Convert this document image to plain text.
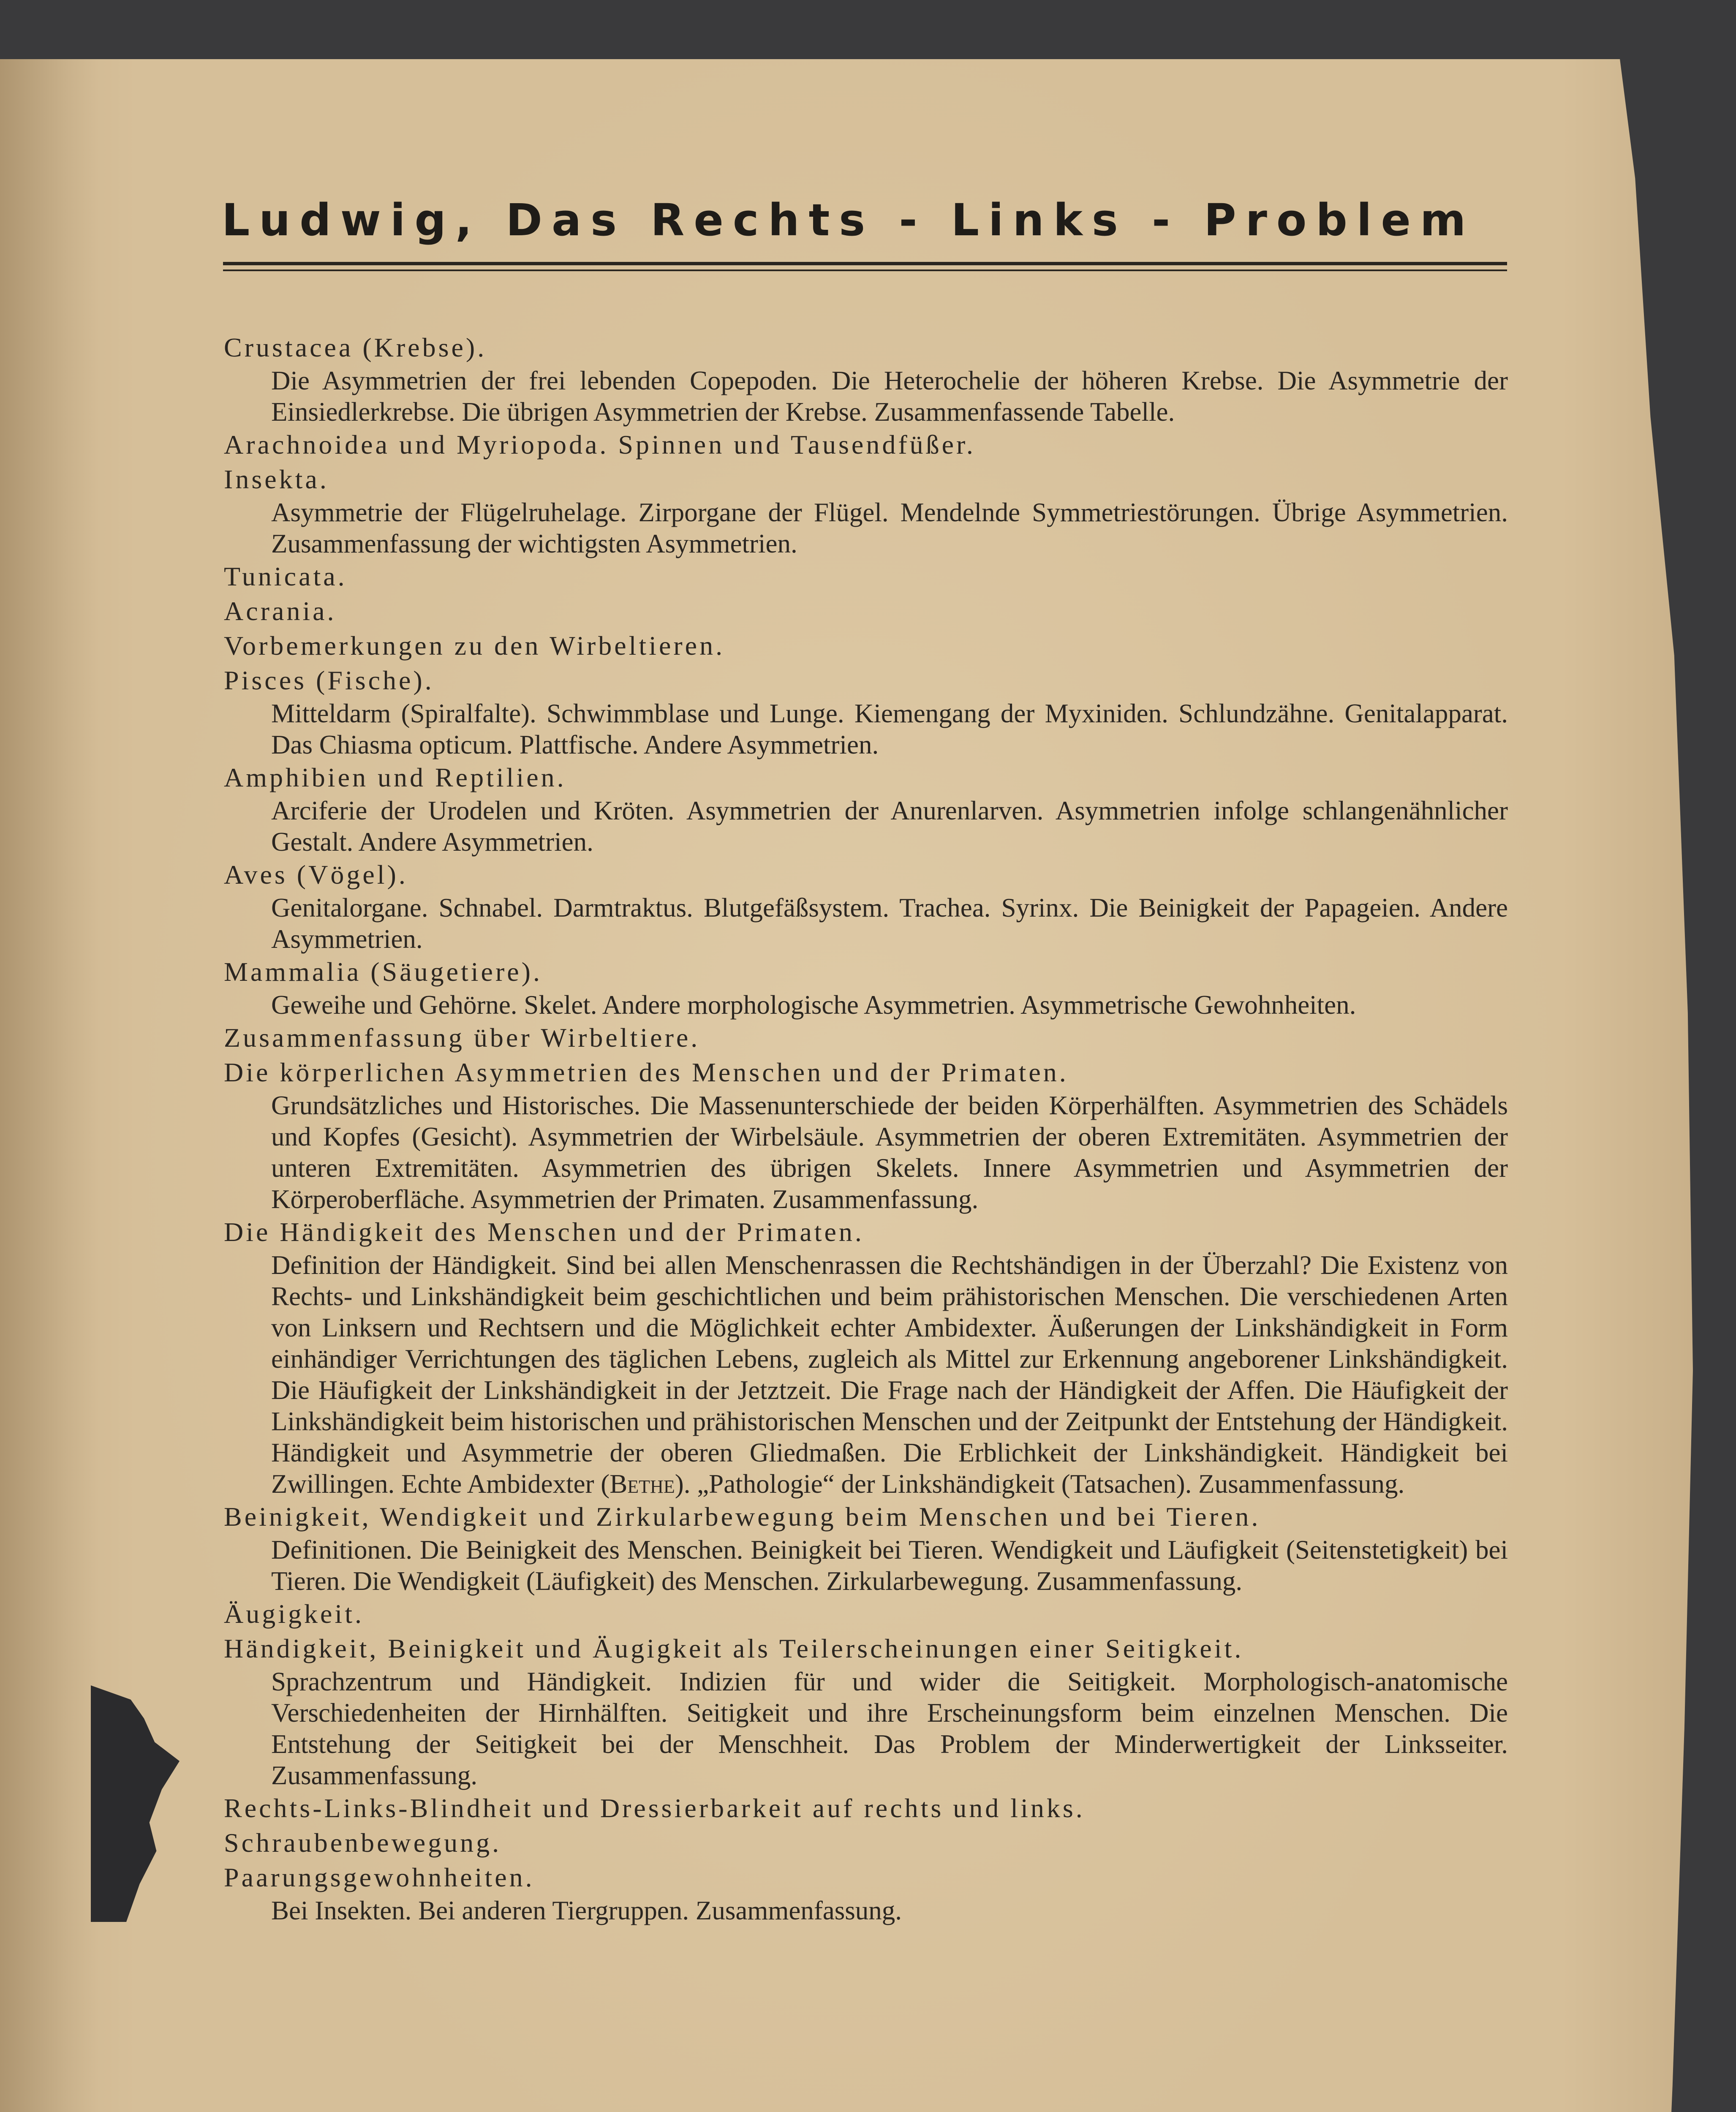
Ludwig, Das Rechts - Links - Problem
Crustacea (Krebse).
Die Asymmetrien der frei lebenden Copepoden. Die Heterochelie der höheren Krebse. Die Asymmetrie der Einsiedlerkrebse. Die übrigen Asymmetrien der Krebse. Zusammenfassende Tabelle.
Arachnoidea und Myriopoda. Spinnen und Tausendfüßer.
Insekta.
Asymmetrie der Flügelruhelage. Zirporgane der Flügel. Mendelnde Symmetriestörungen. Übrige Asymmetrien. Zusammenfassung der wichtigsten Asymmetrien.
Tunicata.
Acrania.
Vorbemerkungen zu den Wirbeltieren.
Pisces (Fische).
Mitteldarm (Spiralfalte). Schwimmblase und Lunge. Kiemengang der Myxiniden. Schlundzähne. Genitalapparat. Das Chiasma opticum. Plattfische. Andere Asymmetrien.
Amphibien und Reptilien.
Arciferie der Urodelen und Kröten. Asymmetrien der Anurenlarven. Asymmetrien infolge schlangenähnlicher Gestalt. Andere Asymmetrien.
Aves (Vögel).
Genitalorgane. Schnabel. Darmtraktus. Blutgefäßsystem. Trachea. Syrinx. Die Beinigkeit der Papageien. Andere Asymmetrien.
Mammalia (Säugetiere).
Geweihe und Gehörne. Skelet. Andere morphologische Asymmetrien. Asymmetrische Gewohnheiten.
Zusammenfassung über Wirbeltiere.
Die körperlichen Asymmetrien des Menschen und der Primaten.
Grundsätzliches und Historisches. Die Massenunterschiede der beiden Körperhälften. Asymmetrien des Schädels und Kopfes (Gesicht). Asymmetrien der Wirbelsäule. Asymmetrien der oberen Extremitäten. Asymmetrien der unteren Extremitäten. Asymmetrien des übrigen Skelets. Innere Asymmetrien und Asymmetrien der Körperoberfläche. Asymmetrien der Primaten. Zusammenfassung.
Die Händigkeit des Menschen und der Primaten.
Definition der Händigkeit. Sind bei allen Menschenrassen die Rechtshändigen in der Überzahl? Die Existenz von Rechts- und Linkshändigkeit beim geschichtlichen und beim prähistorischen Menschen. Die verschiedenen Arten von Linksern und Rechtsern und die Möglichkeit echter Ambidexter. Äußerungen der Linkshändigkeit in Form einhändiger Verrichtungen des täglichen Lebens, zugleich als Mittel zur Erkennung angeborener Linkshändigkeit. Die Häufigkeit der Linkshändigkeit in der Jetztzeit. Die Frage nach der Händigkeit der Affen. Die Häufigkeit der Linkshändigkeit beim historischen und prähistorischen Menschen und der Zeitpunkt der Entstehung der Händigkeit. Händigkeit und Asymmetrie der oberen Gliedmaßen. Die Erblichkeit der Linkshändigkeit. Händigkeit bei Zwillingen. Echte Ambidexter (Bethe). „Pathologie“ der Linkshändigkeit (Tatsachen). Zusammenfassung.
Beinigkeit, Wendigkeit und Zirkularbewegung beim Menschen und bei Tieren.
Definitionen. Die Beinigkeit des Menschen. Beinigkeit bei Tieren. Wendigkeit und Läufigkeit (Seitenstetigkeit) bei Tieren. Die Wendigkeit (Läufigkeit) des Menschen. Zirkularbewegung. Zusammenfassung.
Äugigkeit.
Händigkeit, Beinigkeit und Äugigkeit als Teilerscheinungen einer Seitigkeit.
Sprachzentrum und Händigkeit. Indizien für und wider die Seitigkeit. Morphologisch-anatomische Verschiedenheiten der Hirnhälften. Seitigkeit und ihre Erscheinungsform beim einzelnen Menschen. Die Entstehung der Seitigkeit bei der Menschheit. Das Problem der Minderwertigkeit der Linksseiter. Zusammenfassung.
Rechts-Links-Blindheit und Dressierbarkeit auf rechts und links.
Schraubenbewegung.
Paarungsgewohnheiten.
Bei Insekten. Bei anderen Tiergruppen. Zusammenfassung.
